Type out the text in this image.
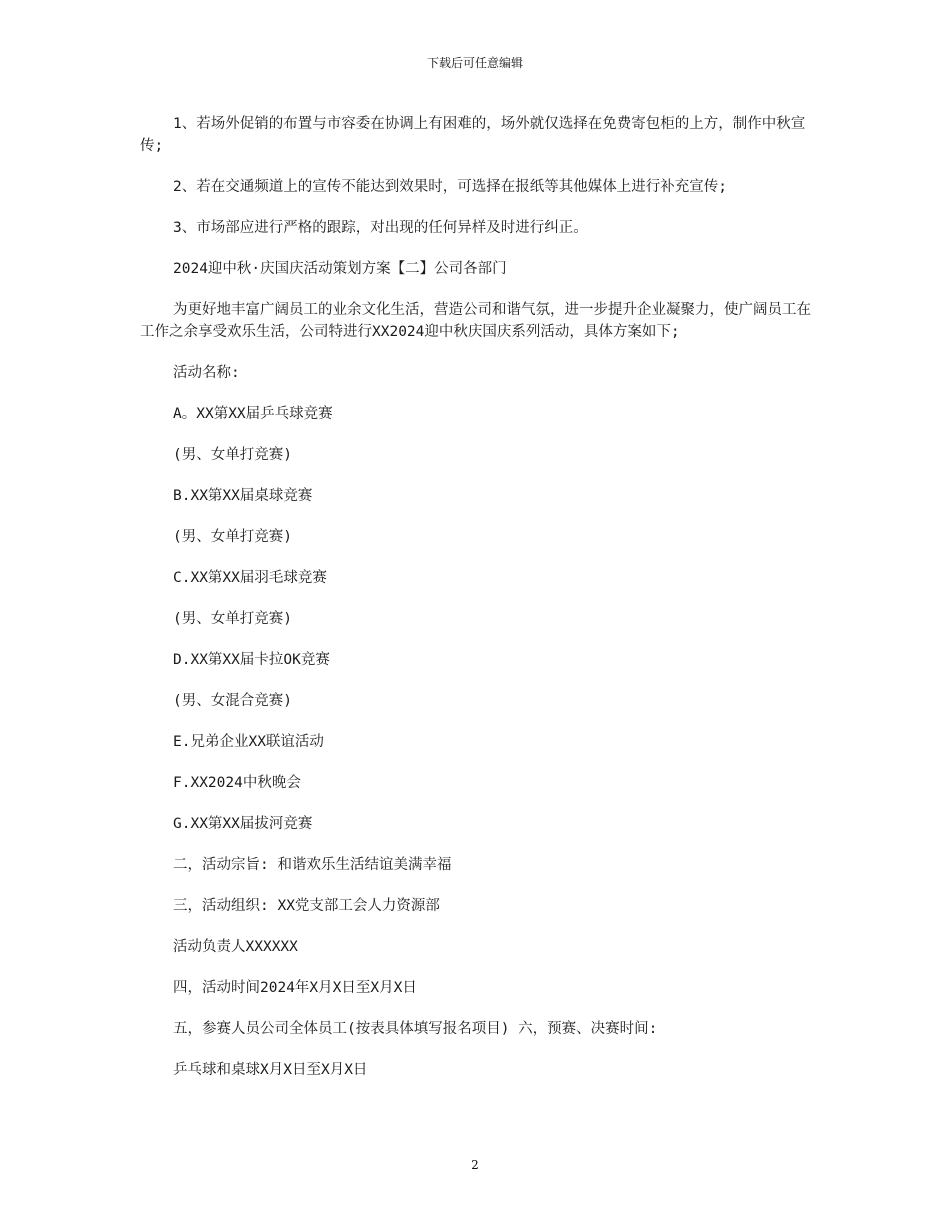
下载后可任意编辑

1、若场外促销的布置与市容委在协调上有困难的，场外就仅选择在免费寄包柜的上方，制作中秋宣传;

2、若在交通频道上的宣传不能达到效果时，可选择在报纸等其他媒体上进行补充宣传;

3、市场部应进行严格的跟踪，对出现的任何异样及时进行纠正。

2024迎中秋·庆国庆活动策划方案【二】公司各部门

为更好地丰富广阔员工的业余文化生活，营造公司和谐气氛，进一步提升企业凝聚力，使广阔员工在工作之余享受欢乐生活，公司特进行XX2024迎中秋庆国庆系列活动，具体方案如下;

活动名称:

A。XX第XX届乒乓球竞赛

(男、女单打竞赛)

B.XX第XX届桌球竞赛

(男、女单打竞赛)

C.XX第XX届羽毛球竞赛

(男、女单打竞赛)

D.XX第XX届卡拉OK竞赛

(男、女混合竞赛)

E.兄弟企业XX联谊活动

F.XX2024中秋晚会

G.XX第XX届拔河竞赛

二，活动宗旨: 和谐欢乐生活结谊美满幸福

三，活动组织: XX党支部工会人力资源部

活动负责人XXXXXX

四，活动时间2024年X月X日至X月X日

五，参赛人员公司全体员工(按表具体填写报名项目) 六，预赛、决赛时间:

乒乓球和桌球X月X日至X月X日

2
